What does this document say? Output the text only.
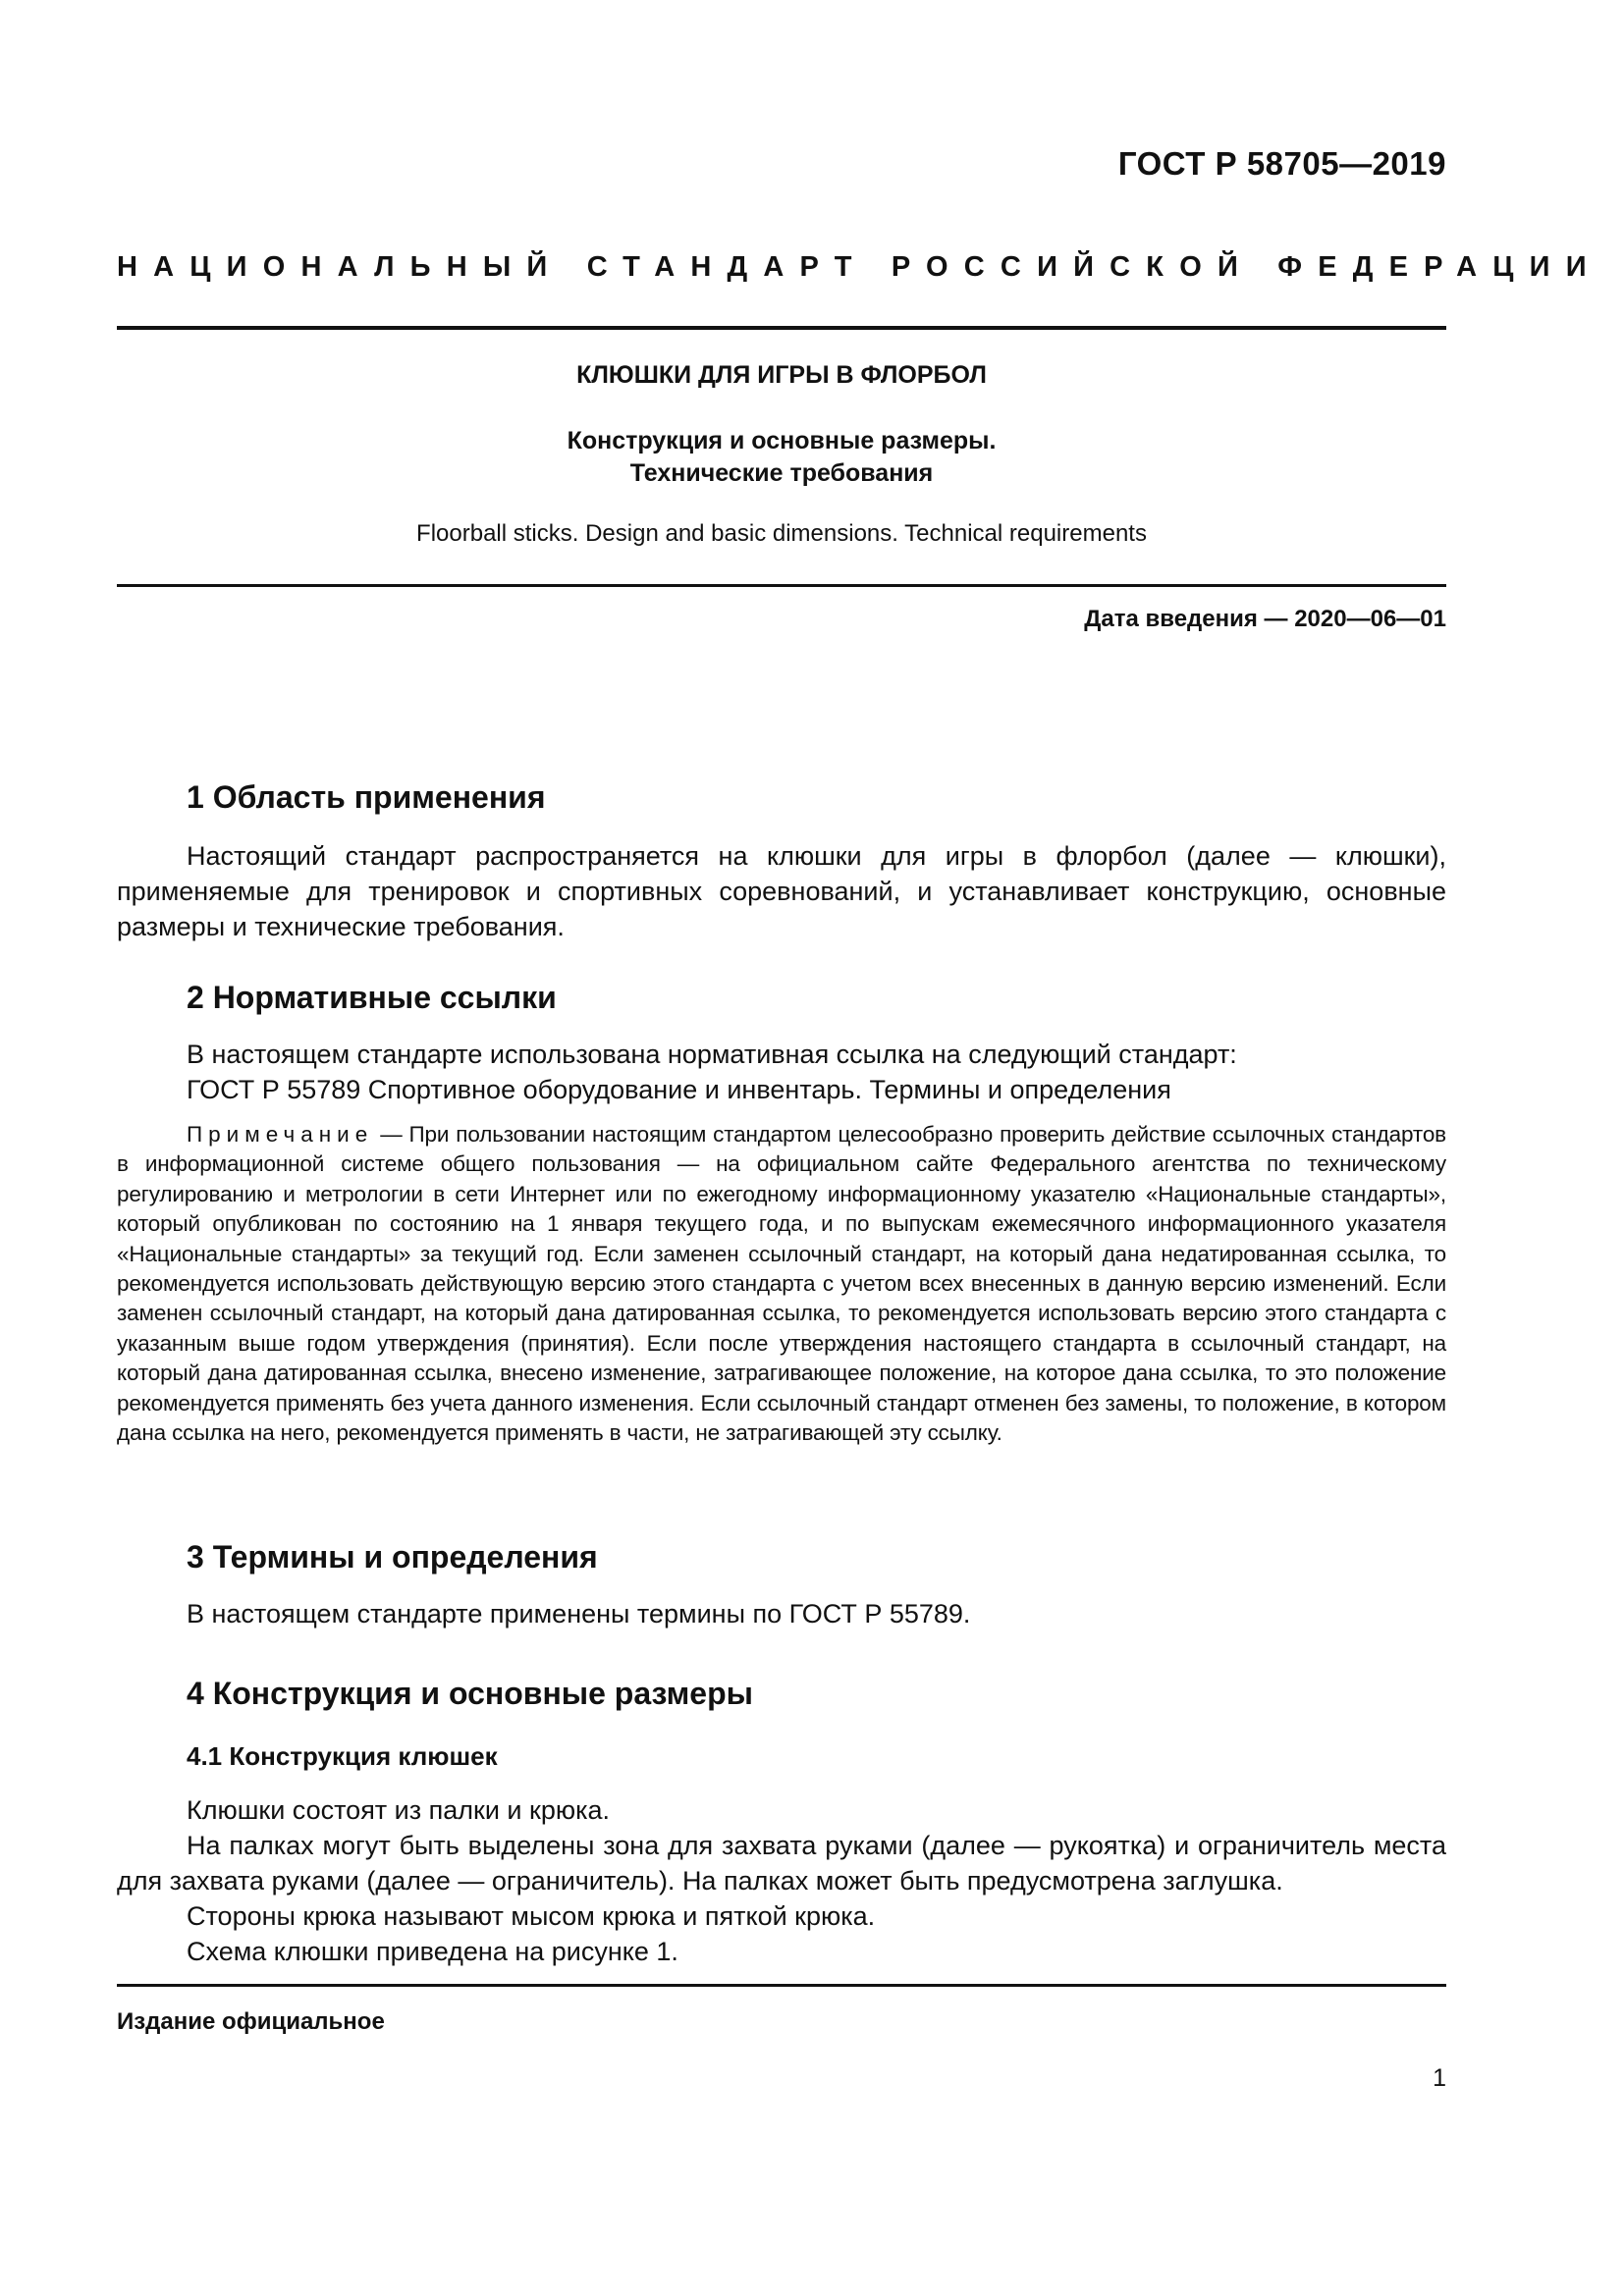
ГОСТ Р 58705—2019
НАЦИОНАЛЬНЫЙ СТАНДАРТ РОССИЙСКОЙ ФЕДЕРАЦИИ
КЛЮШКИ ДЛЯ ИГРЫ В ФЛОРБОЛ
Конструкция и основные размеры.
Технические требования
Floorball sticks. Design and basic dimensions. Technical requirements
Дата введения — 2020—06—01
1 Область применения
Настоящий стандарт распространяется на клюшки для игры в флорбол (далее — клюшки), применяемые для тренировок и спортивных соревнований, и устанавливает конструкцию, основные размеры и технические требования.
2 Нормативные ссылки
В настоящем стандарте использована нормативная ссылка на следующий стандарт:
ГОСТ Р 55789 Спортивное оборудование и инвентарь. Термины и определения
Примечание — При пользовании настоящим стандартом целесообразно проверить действие ссылочных стандартов в информационной системе общего пользования — на официальном сайте Федерального агентства по техническому регулированию и метрологии в сети Интернет или по ежегодному информационному указателю «Национальные стандарты», который опубликован по состоянию на 1 января текущего года, и по выпускам ежемесячного информационного указателя «Национальные стандарты» за текущий год. Если заменен ссылочный стандарт, на который дана недатированная ссылка, то рекомендуется использовать действующую версию этого стандарта с учетом всех внесенных в данную версию изменений. Если заменен ссылочный стандарт, на который дана датированная ссылка, то рекомендуется использовать версию этого стандарта с указанным выше годом утверждения (принятия). Если после утверждения настоящего стандарта в ссылочный стандарт, на который дана датированная ссылка, внесено изменение, затрагивающее положение, на которое дана ссылка, то это положение рекомендуется применять без учета данного изменения. Если ссылочный стандарт отменен без замены, то положение, в котором дана ссылка на него, рекомендуется применять в части, не затрагивающей эту ссылку.
3 Термины и определения
В настоящем стандарте применены термины по ГОСТ Р 55789.
4 Конструкция и основные размеры
4.1 Конструкция клюшек
Клюшки состоят из палки и крюка.
На палках могут быть выделены зона для захвата руками (далее — рукоятка) и ограничитель места для захвата руками (далее — ограничитель). На палках может быть предусмотрена заглушка.
Стороны крюка называют мысом крюка и пяткой крюка.
Схема клюшки приведена на рисунке 1.
Издание официальное
1
